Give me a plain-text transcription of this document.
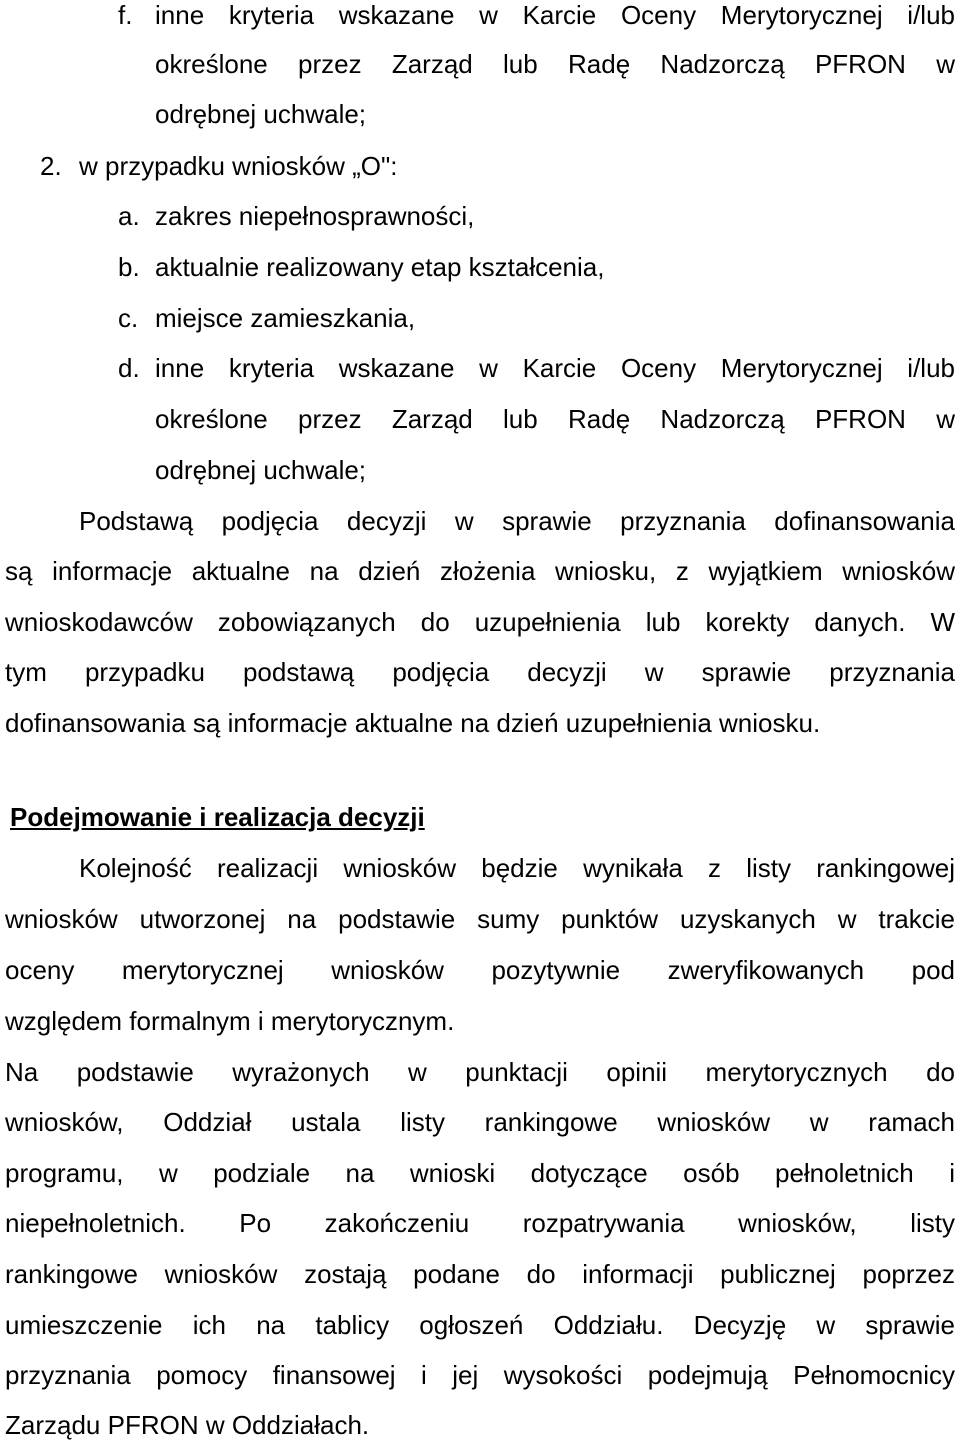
f. inne kryteria wskazane w Karcie Oceny Merytorycznej i/lub
określone przez Zarząd lub Radę Nadzorczą PFRON w
odrębnej uchwale;
2. w przypadku wniosków „O":
a. zakres niepełnosprawności,
b. aktualnie realizowany etap kształcenia,
c. miejsce zamieszkania,
d. inne kryteria wskazane w Karcie Oceny Merytorycznej i/lub
określone przez Zarząd lub Radę Nadzorczą PFRON w
odrębnej uchwale;
Podstawą podjęcia decyzji w sprawie przyznania dofinansowania
są informacje aktualne na dzień złożenia wniosku, z wyjątkiem wniosków
wnioskodawców zobowiązanych do uzupełnienia lub korekty danych. W
tym przypadku podstawą podjęcia decyzji w sprawie przyznania
dofinansowania są informacje aktualne na dzień uzupełnienia wniosku.
Podejmowanie i realizacja decyzji
Kolejność realizacji wniosków będzie wynikała z listy rankingowej
wniosków utworzonej na podstawie sumy punktów uzyskanych w trakcie
oceny merytorycznej wniosków pozytywnie zweryfikowanych pod
względem formalnym i merytorycznym.
Na podstawie wyrażonych w punktacji opinii merytorycznych do
wniosków, Oddział ustala listy rankingowe wniosków w ramach
programu, w podziale na wnioski dotyczące osób pełnoletnich i
niepełnoletnich. Po zakończeniu rozpatrywania wniosków, listy
rankingowe wniosków zostają podane do informacji publicznej poprzez
umieszczenie ich na tablicy ogłoszeń Oddziału. Decyzję w sprawie
przyznania pomocy finansowej i jej wysokości podejmują Pełnomocnicy
Zarządu PFRON w Oddziałach.
